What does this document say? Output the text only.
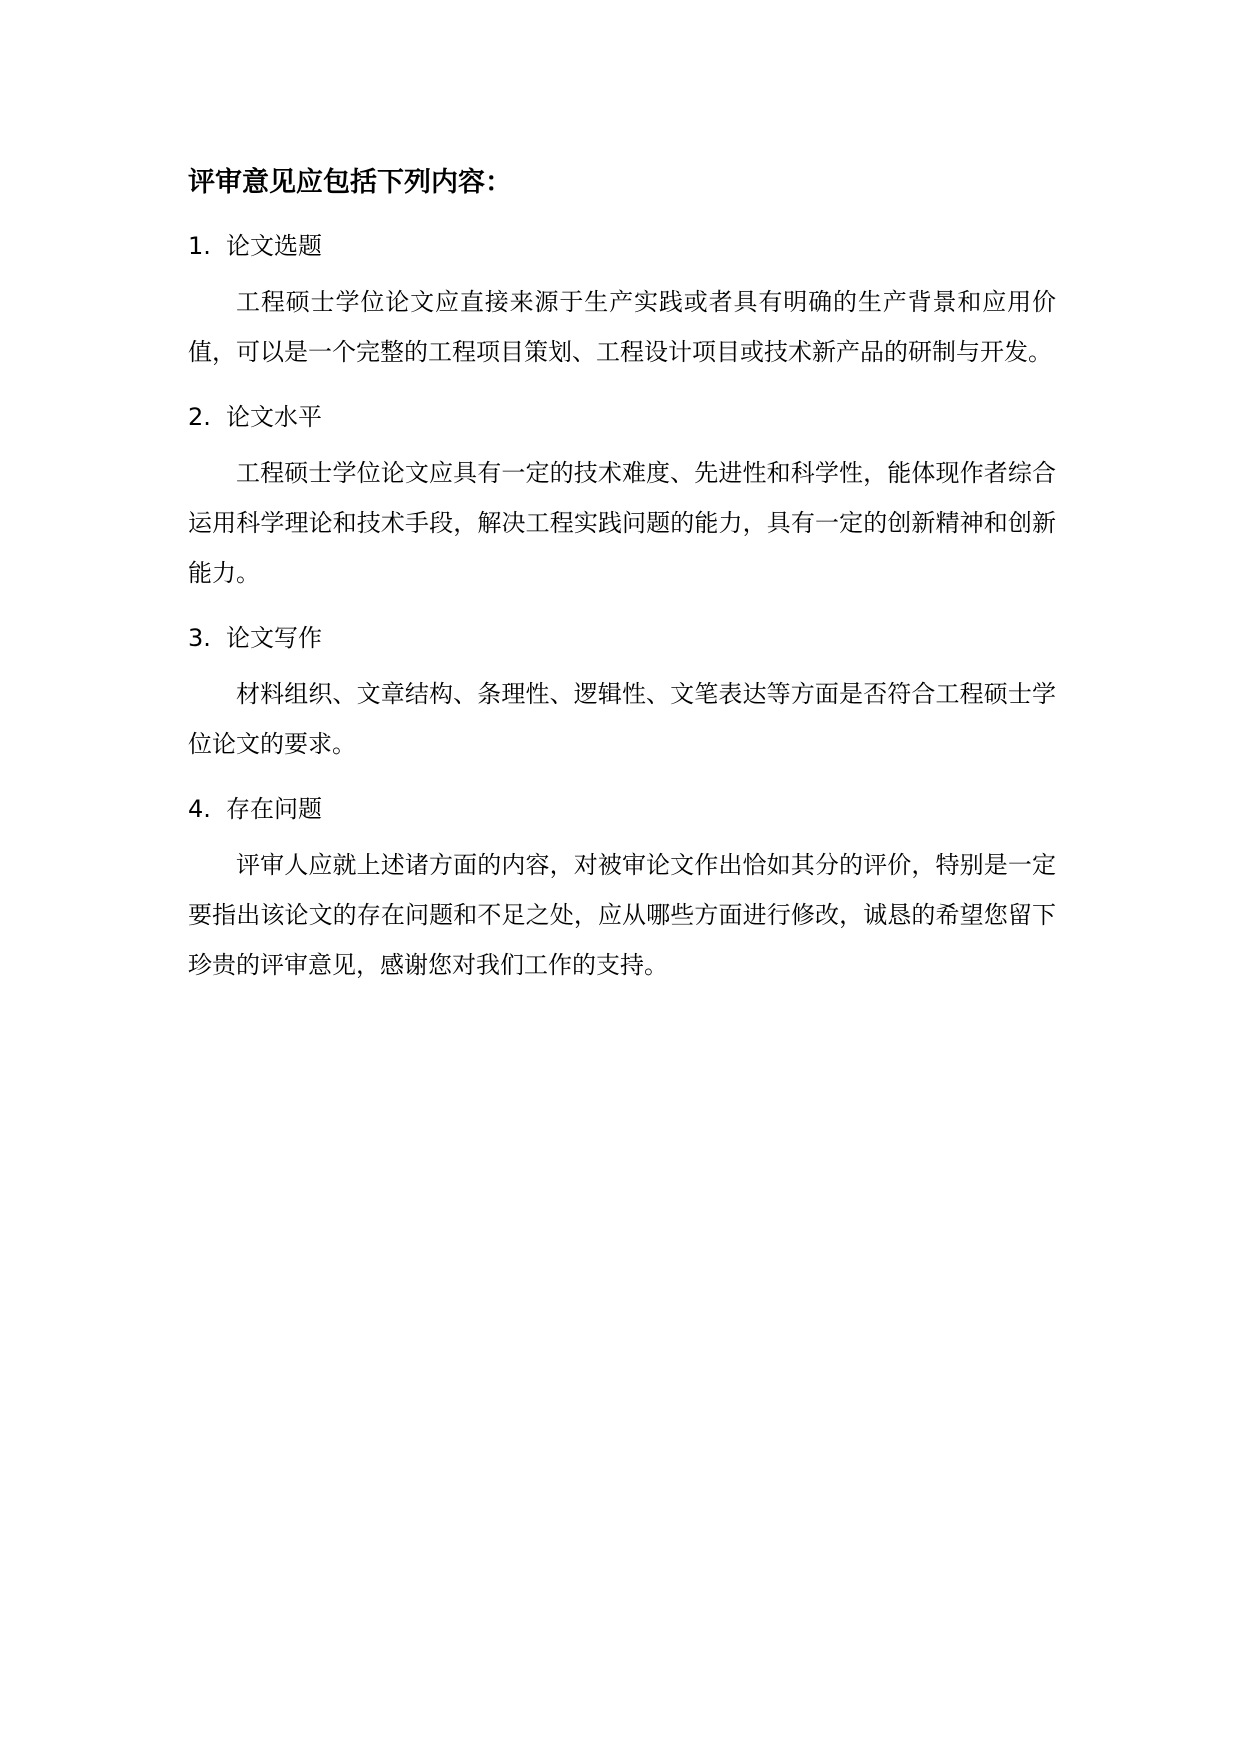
评审意见应包括下列内容：

1. 论文选题

工程硕士学位论文应直接来源于生产实践或者具有明确的生产背景和应用价值，可以是一个完整的工程项目策划、工程设计项目或技术新产品的研制与开发。

2. 论文水平

工程硕士学位论文应具有一定的技术难度、先进性和科学性，能体现作者综合运用科学理论和技术手段，解决工程实践问题的能力，具有一定的创新精神和创新能力。

3. 论文写作

材料组织、文章结构、条理性、逻辑性、文笔表达等方面是否符合工程硕士学位论文的要求。

4. 存在问题

评审人应就上述诸方面的内容，对被审论文作出恰如其分的评价，特别是一定要指出该论文的存在问题和不足之处，应从哪些方面进行修改，诚恳的希望您留下珍贵的评审意见，感谢您对我们工作的支持。
